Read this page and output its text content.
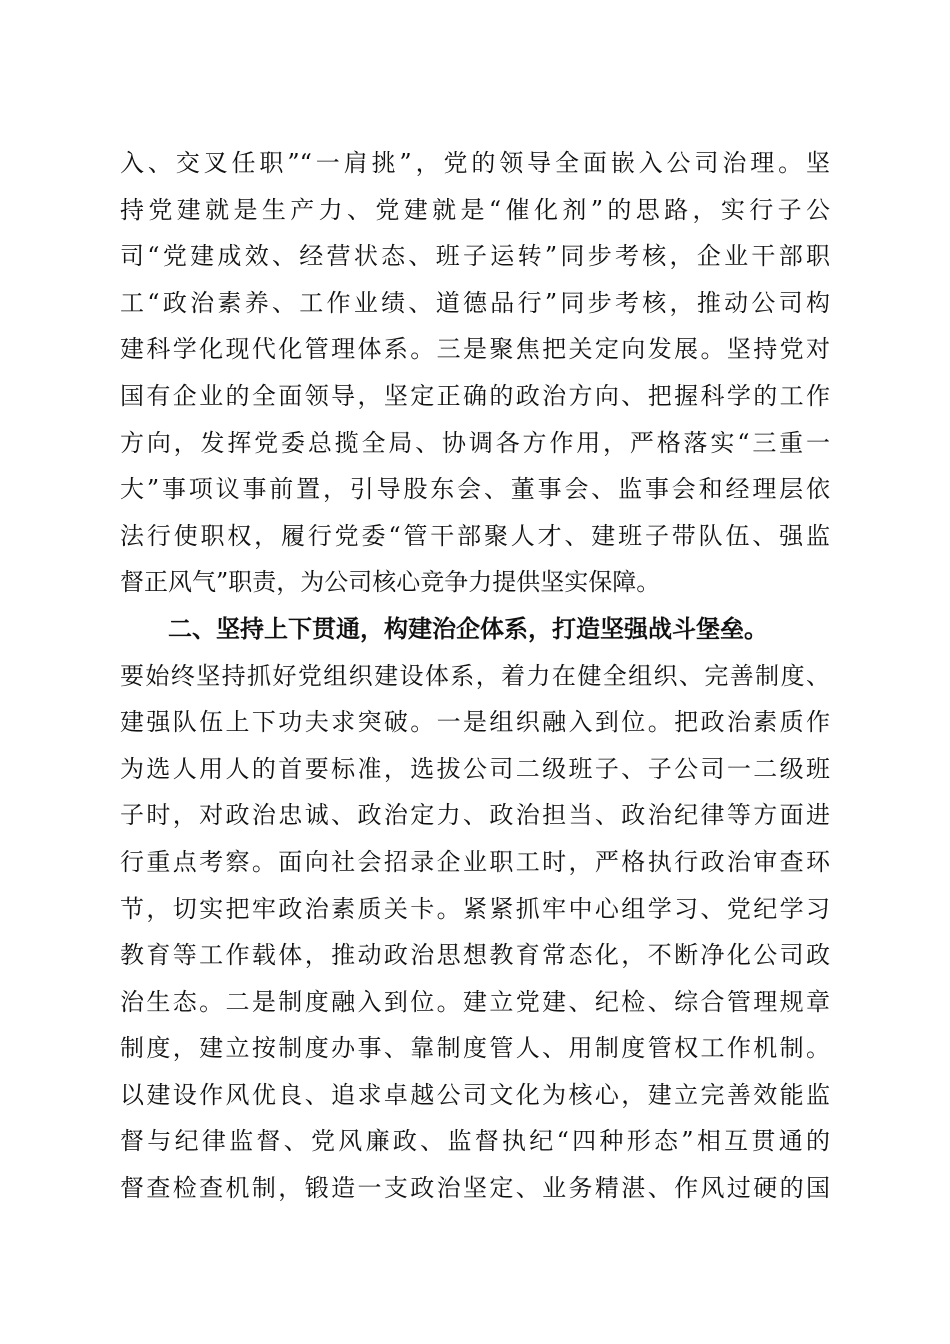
入、交叉任职”“一肩挑”，党的领导全面嵌入公司治理。坚
持党建就是生产力、党建就是“催化剂”的思路，实行子公
司“党建成效、经营状态、班子运转”同步考核，企业干部职
工“政治素养、工作业绩、道德品行”同步考核，推动公司构
建科学化现代化管理体系。三是聚焦把关定向发展。坚持党对
国有企业的全面领导，坚定正确的政治方向、把握科学的工作
方向，发挥党委总揽全局、协调各方作用，严格落实“三重一
大”事项议事前置，引导股东会、董事会、监事会和经理层依
法行使职权，履行党委“管干部聚人才、建班子带队伍、强监
督正风气”职责，为公司核心竞争力提供坚实保障。
二、坚持上下贯通，构建治企体系，打造坚强战斗堡垒。
要始终坚持抓好党组织建设体系，着力在健全组织、完善制度、
建强队伍上下功夫求突破。一是组织融入到位。把政治素质作
为选人用人的首要标准，选拔公司二级班子、子公司一二级班
子时，对政治忠诚、政治定力、政治担当、政治纪律等方面进
行重点考察。面向社会招录企业职工时，严格执行政治审查环
节，切实把牢政治素质关卡。紧紧抓牢中心组学习、党纪学习
教育等工作载体，推动政治思想教育常态化，不断净化公司政
治生态。二是制度融入到位。建立党建、纪检、综合管理规章
制度，建立按制度办事、靠制度管人、用制度管权工作机制。
以建设作风优良、追求卓越公司文化为核心，建立完善效能监
督与纪律监督、党风廉政、监督执纪“四种形态”相互贯通的
督查检查机制，锻造一支政治坚定、业务精湛、作风过硬的国
